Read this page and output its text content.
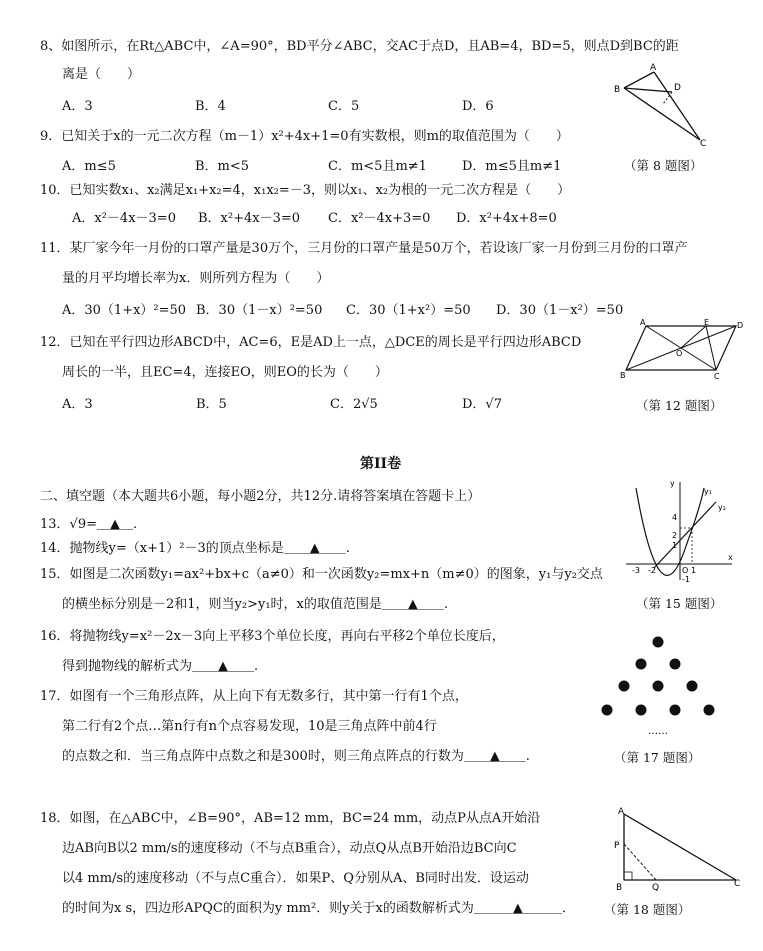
8、如图所示，在Rt△ABC中，∠A=90°，BD平分∠ABC，交AC于点D，且AB=4，BD=5，则点D到BC的距
离是（　　）
A．3	B．4	C．5	D．6
A
B	D
C
9．已知关于x的一元二次方程（m－1）x²+4x+1=0有实数根，则m的取值范围为（　　）
A．m≤5	B．m<5	C．m<5且m≠1	D．m≤5且m≠1	（第 8 题图）
10．已知实数x₁、x₂满足x₁+x₂=4，x₁x₂=－3，则以x₁、x₂为根的一元二次方程是（　　）
A．x²－4x－3=0 B．x²+4x－3=0 C．x²－4x+3=0 D．x²+4x+8=0
11．某厂家今年一月份的口罩产量是30万个，三月份的口罩产量是50万个，若设该厂家一月份到三月份的口罩产
量的月平均增长率为x．则所列方程为（　　）
A．30（1+x）²=50 B．30（1－x）²=50 C．30（1+x²）=50 D．30（1－x²）=50
12．已知在平行四边形ABCD中，AC=6，E是AD上一点，△DCE的周长是平行四边形ABCD
周长的一半，且EC=4，连接EO，则EO的长为（　　）
A．3	B．5	C．2√5	D．√7
A	E	D
O
B	C
（第 12 题图）
第II卷
二、填空题（本大题共6小题，每小题2分，共12分.请将答案填在答题卡上）
13．√9=＿▲＿.
14．抛物线y=（x+1）²－3的顶点坐标是＿＿▲＿＿.
15．如图是二次函数y₁=ax²+bx+c（a≠0）和一次函数y₂=mx+n（m≠0）的图象，y₁与y₂交点
的横坐标分别是－2和1，则当y₂>y₁时，x的取值范围是＿＿▲＿＿.
y
y₁
y₂
4
2
1
-3 -2	O 1
x
-1
（第 15 题图）
16．将抛物线y=x²－2x－3向上平移3个单位长度，再向右平移2个单位长度后，
得到抛物线的解析式为＿＿▲＿＿.
17．如图有一个三角形点阵，从上向下有无数多行，其中第一行有1个点，
第二行有2个点…第n行有n个点容易发现，10是三角点阵中前4行
的点数之和．当三角点阵中点数之和是300时，则三角点阵点的行数为＿＿▲＿＿.
……
（第 17 题图）
18．如图，在△ABC中，∠B=90°，AB=12 mm，BC=24 mm，动点P从点A开始沿
边AB向B以2 mm/s的速度移动（不与点B重合），动点Q从点B开始沿边BC向C
以4 mm/s的速度移动（不与点C重合）．如果P、Q分别从A、B同时出发．设运动
的时间为x s，四边形APQC的面积为y mm²．则y关于x的函数解析式为＿＿＿▲＿＿＿．
A
P
B	Q	C
（第 18 题图）
